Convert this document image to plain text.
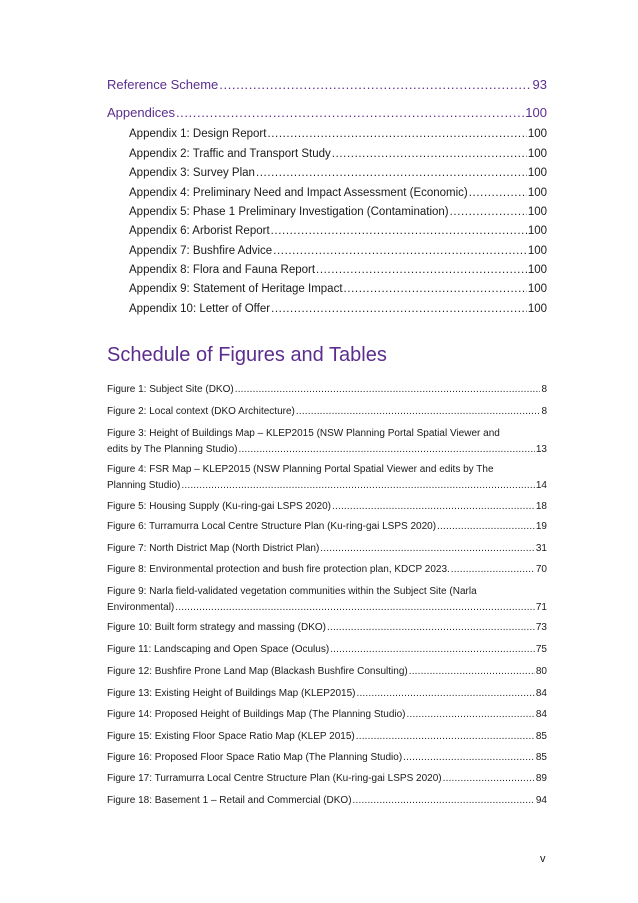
Reference Scheme .....	93
Appendices .....	100
Appendix 1: Design Report .....	100
Appendix 2: Traffic and Transport Study .....	100
Appendix 3: Survey Plan .....	100
Appendix 4: Preliminary Need and Impact Assessment (Economic) .....	100
Appendix 5: Phase 1 Preliminary Investigation (Contamination) .....	100
Appendix 6: Arborist Report .....	100
Appendix 7: Bushfire Advice .....	100
Appendix 8: Flora and Fauna Report .....	100
Appendix 9: Statement of Heritage Impact .....	100
Appendix 10: Letter of Offer .....	100
Schedule of Figures and Tables
Figure 1: Subject Site (DKO) .....	8
Figure 2: Local context (DKO Architecture) .....	8
Figure 3: Height of Buildings Map – KLEP2015 (NSW Planning Portal Spatial Viewer and
edits by The Planning Studio) .....	13
Figure 4: FSR Map – KLEP2015 (NSW Planning Portal Spatial Viewer and edits by The
Planning Studio) .....	14
Figure 5: Housing Supply (Ku-ring-gai LSPS 2020) .....	18
Figure 6: Turramurra Local Centre Structure Plan (Ku-ring-gai LSPS 2020) .....	19
Figure 7: North District Map (North District Plan) .....	31
Figure 8: Environmental protection and bush fire protection plan, KDCP 2023. .....	70
Figure 9: Narla field-validated vegetation communities within the Subject Site (Narla
Environmental) .....	71
Figure 10: Built form strategy and massing (DKO) .....	73
Figure 11: Landscaping and Open Space (Oculus) .....	75
Figure 12: Bushfire Prone Land Map (Blackash Bushfire Consulting) .....	80
Figure 13: Existing Height of Buildings Map (KLEP2015) .....	84
Figure 14: Proposed Height of Buildings Map (The Planning Studio) .....	84
Figure 15: Existing Floor Space Ratio Map (KLEP 2015) .....	85
Figure 16: Proposed Floor Space Ratio Map (The Planning Studio) .....	85
Figure 17: Turramurra Local Centre Structure Plan (Ku-ring-gai LSPS 2020) .....	89
Figure 18: Basement 1 – Retail and Commercial (DKO) .....	94
v
